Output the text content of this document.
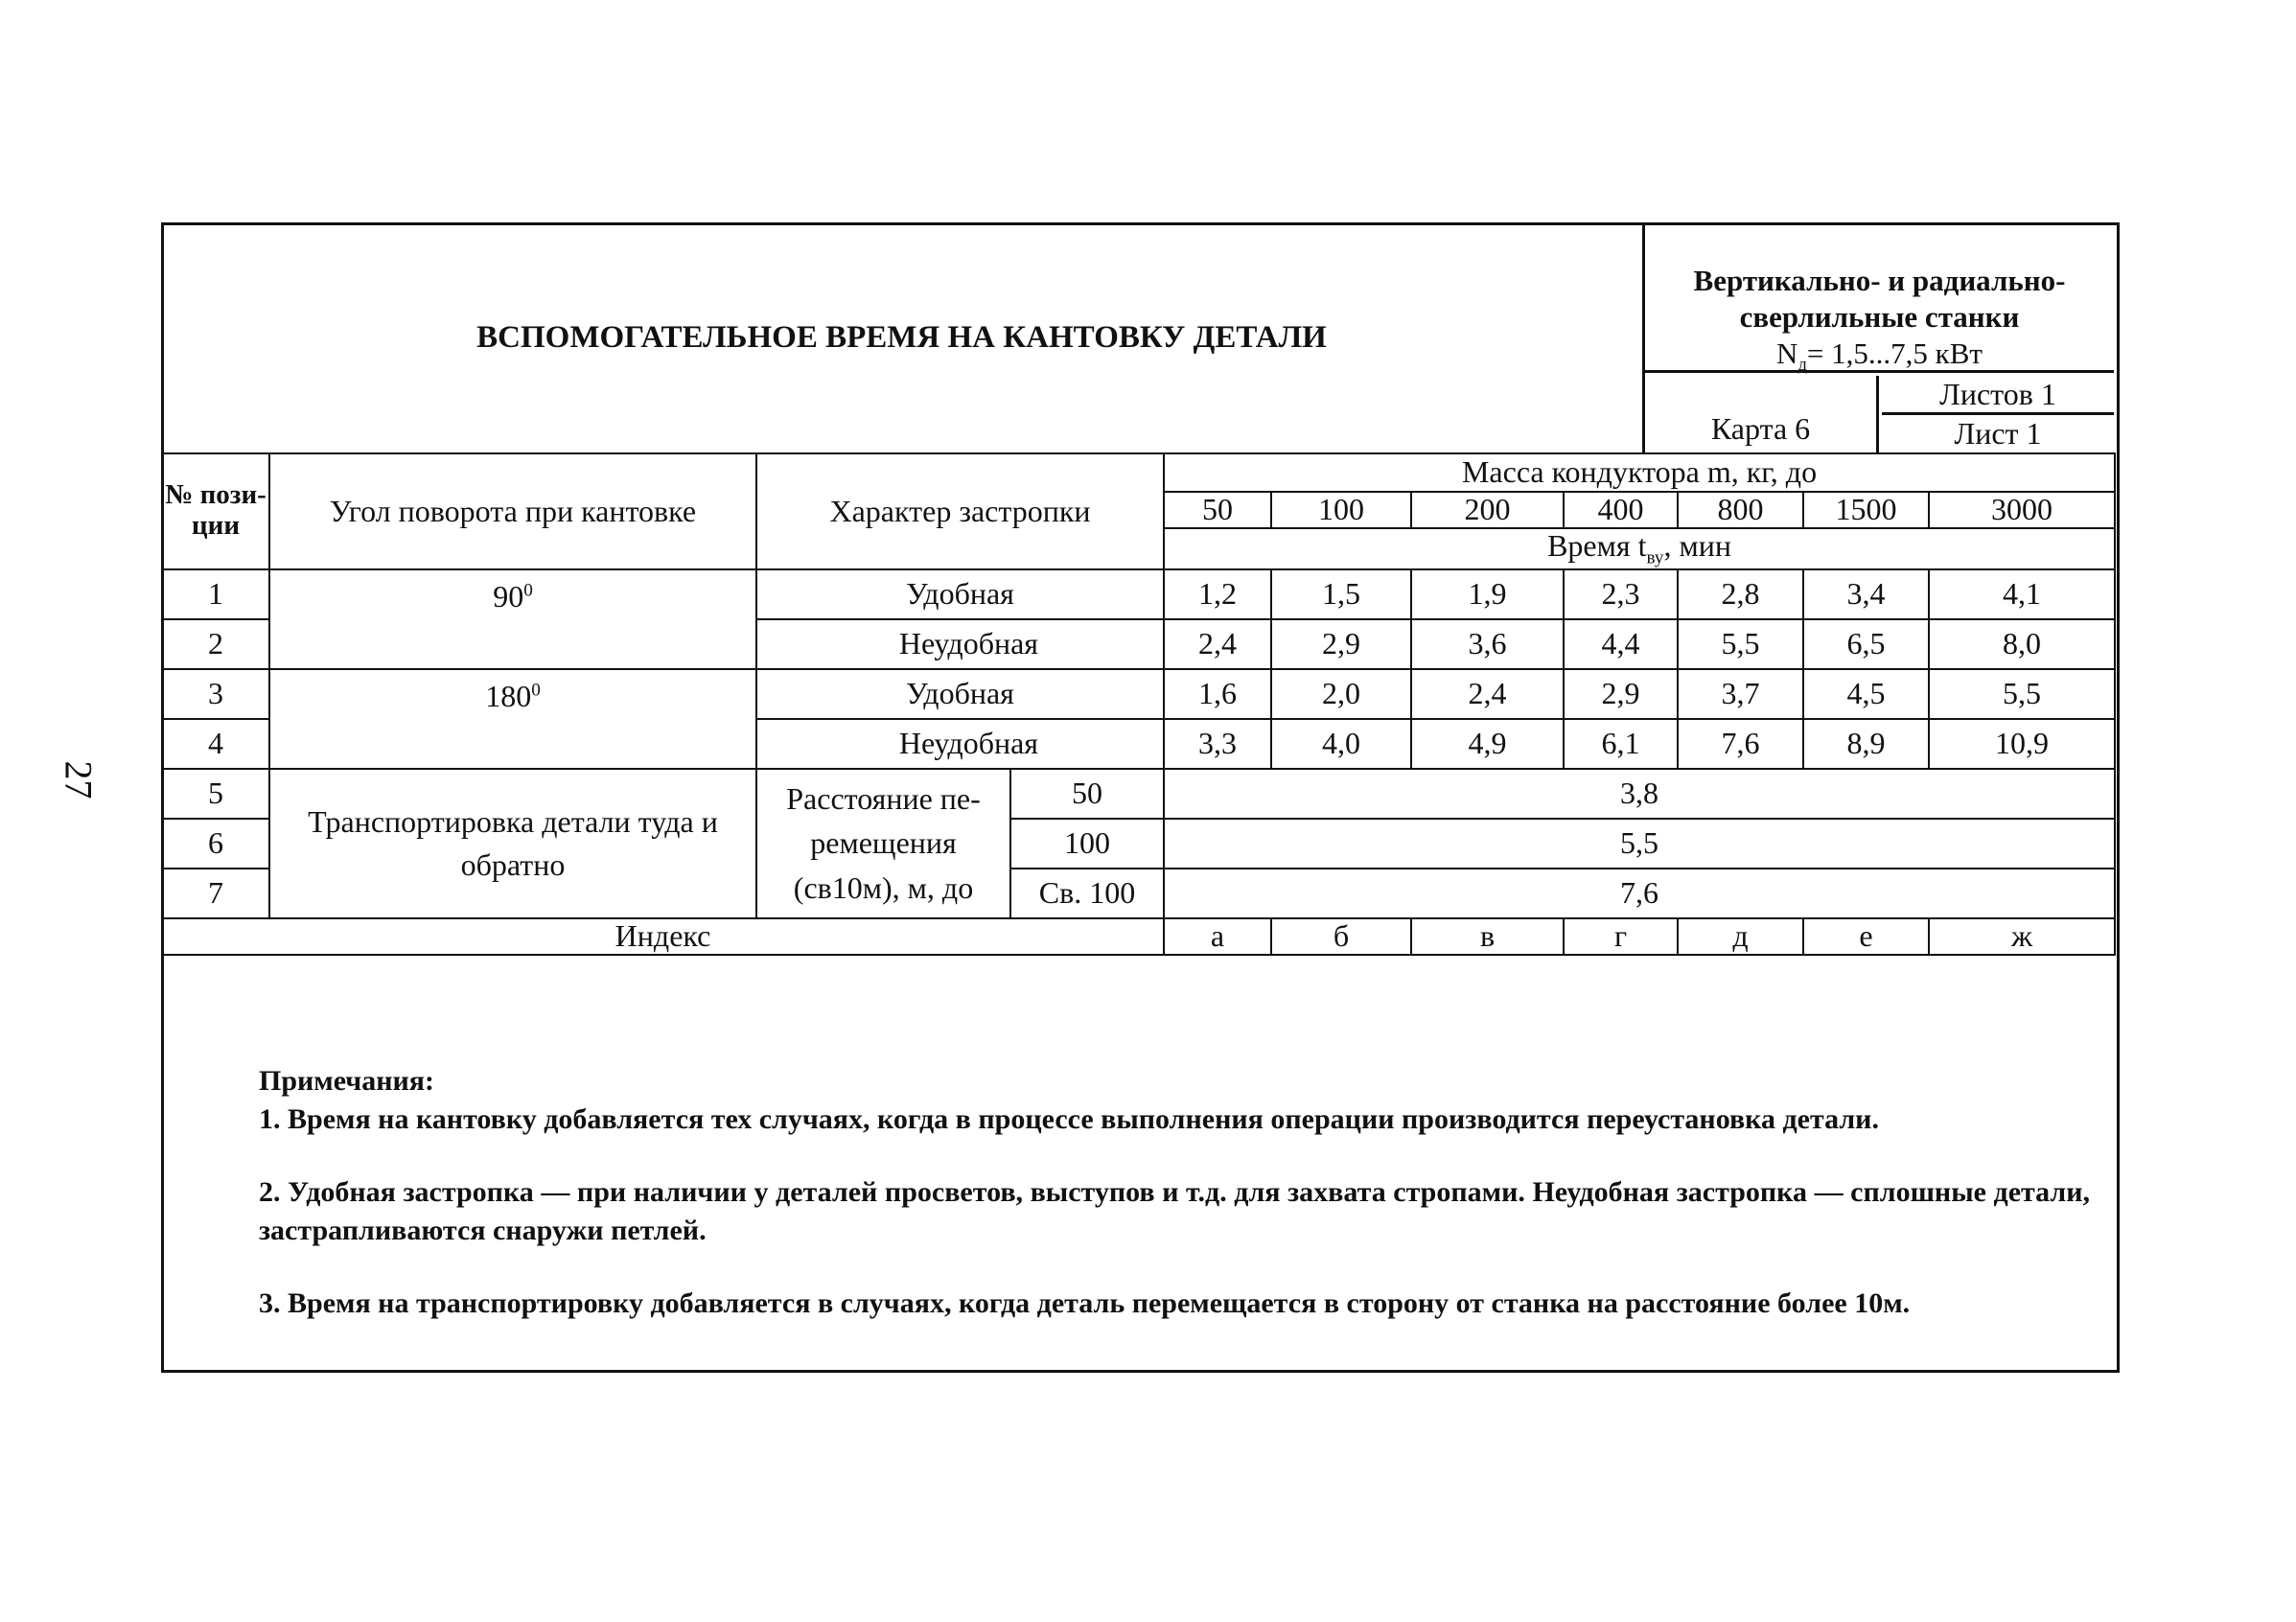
27
ВСПОМОГАТЕЛЬНОЕ ВРЕМЯ НА КАНТОВКУ ДЕТАЛИ
Вертикально- и радиально-
сверлильные станки
$N_д= 1,5...7,5$ кВт
Карта 6
Листов 1
Лист 1
№ пози- ции	Угол поворота при кантовке	Характер застропки		Масса кондуктора m, кг, до						
				50	100	200	400	800	1500	3000
				Время $t_{ву}$, мин						
1	$90^0$	Удобная		1,2	1,5	1,9	2,3	2,8	3,4	4,1
2		Неудобная		2,4	2,9	3,6	4,4	5,5	6,5	8,0
3	$180^0$	Удобная		1,6	2,0	2,4	2,9	3,7	4,5	5,5
4		Неудобная		3,3	4,0	4,9	6,1	7,6	8,9	10,9
5	Транспортировка детали туда и обратно	Расстояние пе- ремещения (св10м), м, до	50	3,8						
6			100	5,5						
7			Св. 100	7,6						
Индекс				а	б	в	г	д	е	ж

Примечания:

1. Время на кантовку добавляется тех случаях, когда в процессе выполнения операции производится переустановка детали.

2. Удобная застропка — при наличии у деталей просветов, выступов и т.д. для захвата стропами. Неудобная застропка — сплошные детали, застрапливаются снаружи петлей.

3. Время на транспортировку добавляется в случаях, когда деталь перемещается в сторону от станка на расстояние более 10м.
